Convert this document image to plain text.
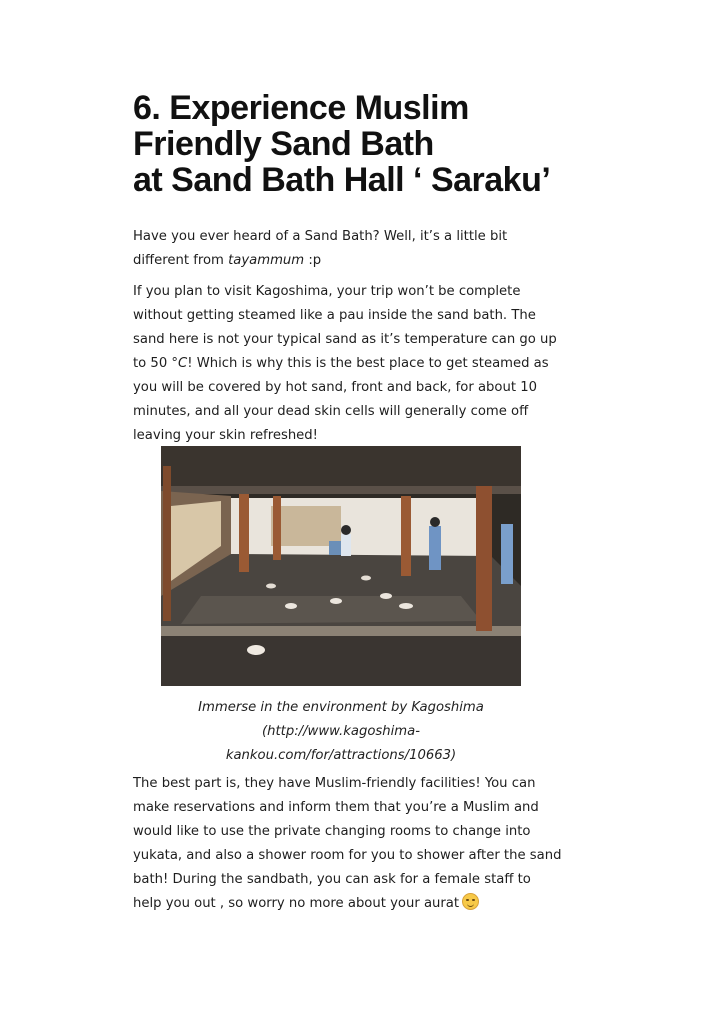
6. Experience Muslim
Friendly Sand Bath
at Sand Bath Hall ‘ Saraku’

Have you ever heard of a Sand Bath? Well, it’s a little bit different from tayammum :p

If you plan to visit Kagoshima, your trip won’t be complete without getting steamed like a pau inside the sand bath. The sand here is not your typical sand as it’s temperature can go up to 50 °C! Which is why this is the best place to get steamed as you will be covered by hot sand, front and back, for about 10 minutes, and all your dead skin cells will generally come off leaving your skin refreshed!

Immerse in the environment by Kagoshima
(http://www.kagoshima-
kankou.com/for/attractions/10663)

The best part is, they have Muslim-friendly facilities! You can make reservations and inform them that you’re a Muslim and would like to use the private changing rooms to change into yukata, and also a shower room for you to shower after the sand bath! During the sandbath, you can ask for a female staff to help you out , so worry no more about your aurat
